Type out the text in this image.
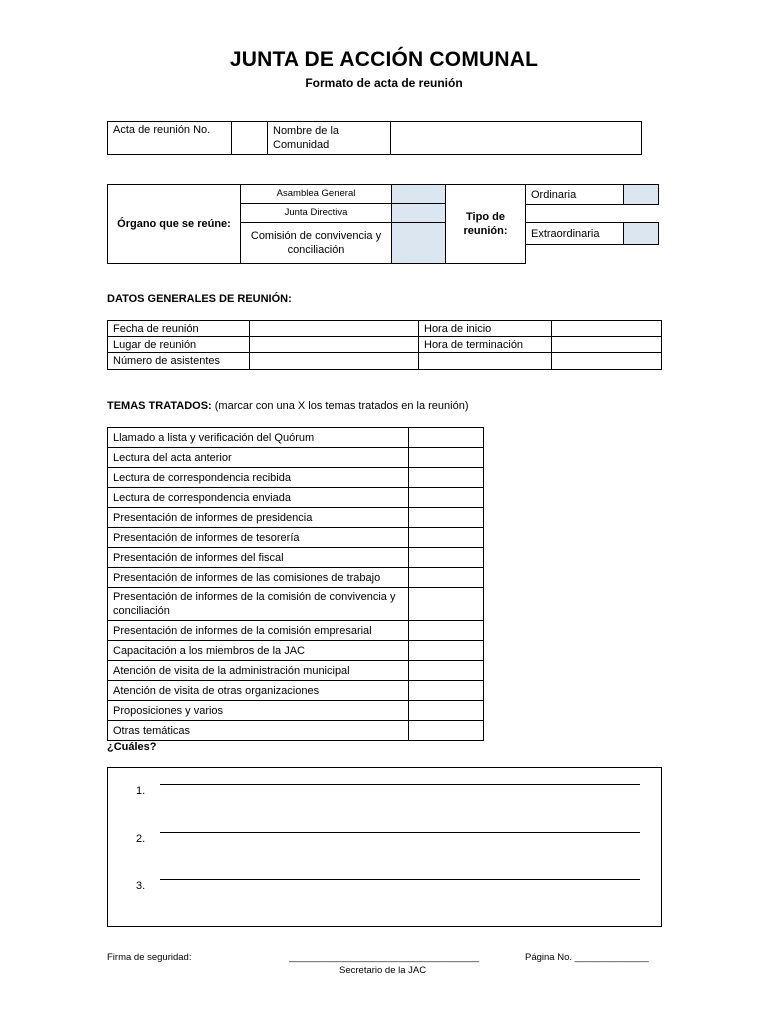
JUNTA DE ACCIÓN COMUNAL
Formato de acta de reunión
Acta de reunión No.		Nombre de la Comunidad	
Órgano que se reúne:	Asamblea General		Tipo de reunión:
	Junta Directiva		
	Comisión de convivencia y conciliación		
Ordinaria	

Extraordinaria	
DATOS GENERALES DE REUNIÓN:
Fecha de reunión		Hora de inicio	
Lugar de reunión		Hora de terminación	
Número de asistentes			
TEMAS TRATADOS: (marcar con una X los temas tratados en la reunión)
Llamado a lista y verificación del Quórum	
Lectura del acta anterior	
Lectura de correspondencia recibida	
Lectura de correspondencia enviada	
Presentación de informes de presidencia	
Presentación de informes de tesorería	
Presentación de informes del fiscal	
Presentación de informes de las comisiones de trabajo	
Presentación de informes de la comisión de convivencia y conciliación	
Presentación de informes de la comisión empresarial	
Capacitación a los miembros de la JAC	
Atención de visita de la administración municipal	
Atención de visita de otras organizaciones	
Proposiciones y varios	
Otras temáticas	
¿Cuáles?
1.
2.
3.
Firma de seguridad:	____________________________________
Secretario de la JAC
Página No. ______________
